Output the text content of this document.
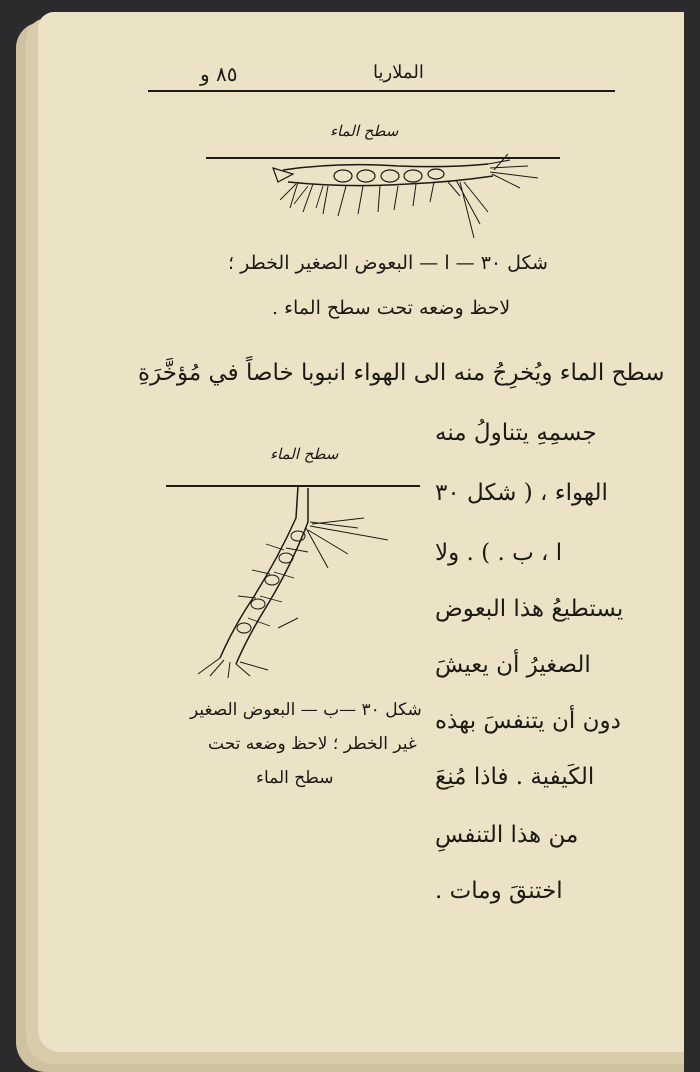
٨٥ و	الملاريا
سطح الماء
شكل ٣٠ — ا — البعوض الصغير الخطر ؛
لاحظ وضعه تحت سطح الماء .
سطح الماء ويُخرِجُ منه الى الهواء انبوبا خاصاً في مُؤخَّرَةِ
سطح الماء
شكل ٣٠ —ب — البعوض الصغير
غير الخطر ؛ لاحظ وضعه تحت
سطح الماء
جسمِهِ يتناولُ منه
الهواء ، ( شكل ٣٠
ا ، ب . ) . ولا
يستطيعُ هذا البعوض
الصغيرُ أن يعيشَ
دون أن يتنفسَ بهذه
الكَيفية . فاذا مُنِعَ
من هذا التنفسِ
اختنقَ ومات .
